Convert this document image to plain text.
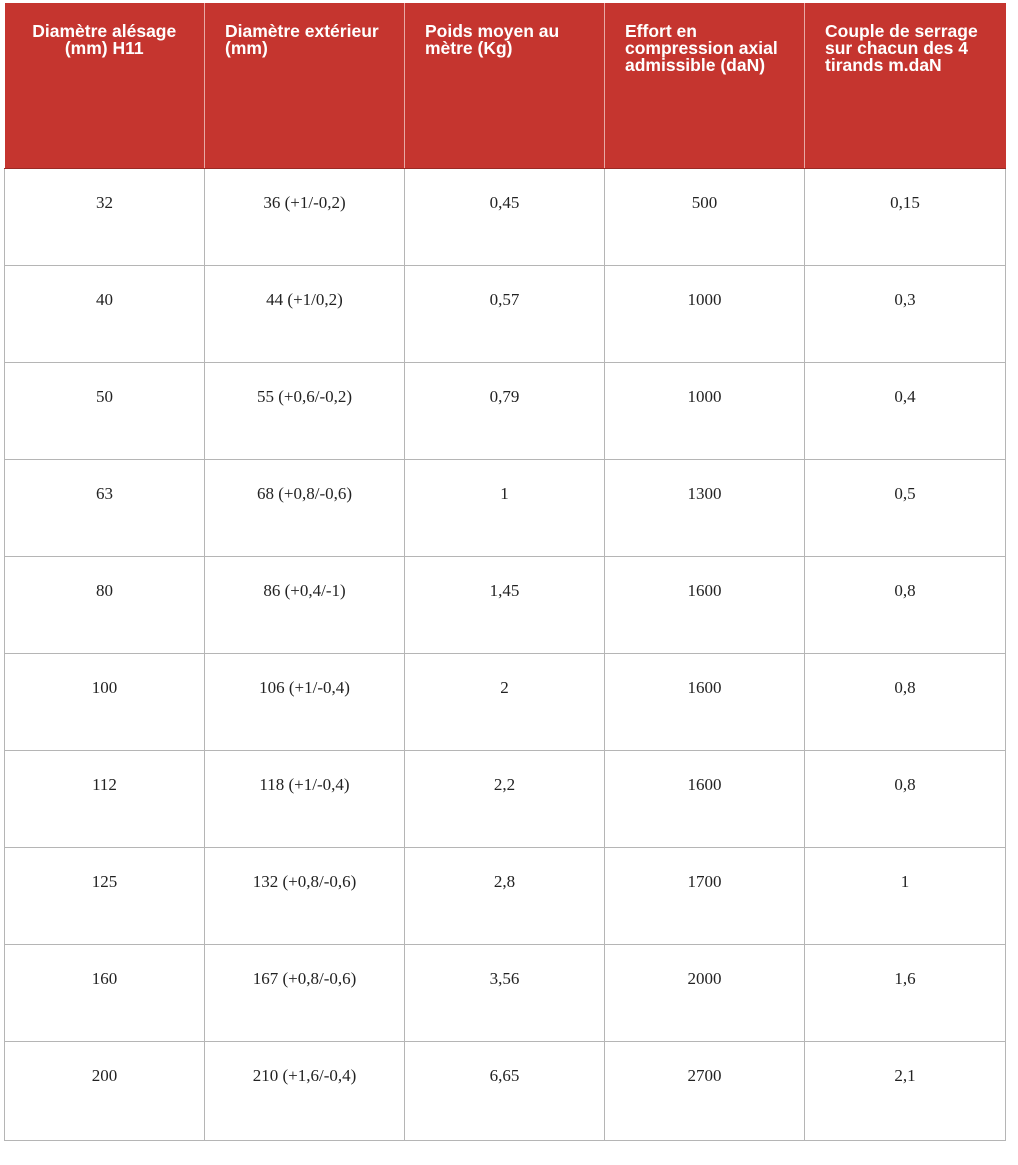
Diamètre alésage (mm) H11	Diamètre extérieur (mm)	Poids moyen au mètre (Kg)	Effort en compression axial admissible (daN)	Couple de serrage sur chacun des 4 tirands m.daN
32	36 (+1/-0,2)	0,45	500	0,15
40	44 (+1/0,2)	0,57	1000	0,3
50	55 (+0,6/-0,2)	0,79	1000	0,4
63	68 (+0,8/-0,6)	1	1300	0,5
80	86 (+0,4/-1)	1,45	1600	0,8
100	106 (+1/-0,4)	2	1600	0,8
112	118 (+1/-0,4)	2,2	1600	0,8
125	132 (+0,8/-0,6)	2,8	1700	1
160	167 (+0,8/-0,6)	3,56	2000	1,6
200	210 (+1,6/-0,4)	6,65	2700	2,1
